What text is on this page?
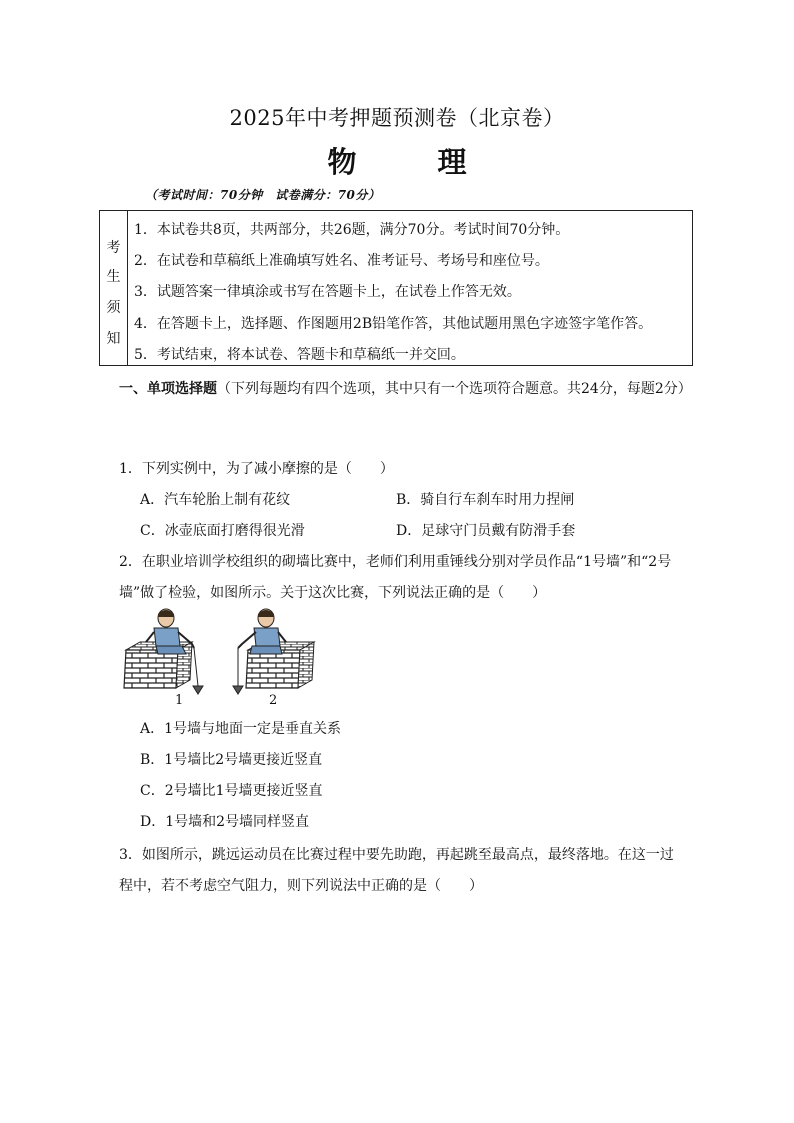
2025年中考押题预测卷（北京卷）
物　理
（考试时间：70分钟　试卷满分：70分）
考
生
须
知
1．本试卷共8页，共两部分，共26题，满分70分。考试时间70分钟。
2．在试卷和草稿纸上准确填写姓名、准考证号、考场号和座位号。
3．试题答案一律填涂或书写在答题卡上，在试卷上作答无效。
4．在答题卡上，选择题、作图题用2B铅笔作答，其他试题用黑色字迹签字笔作答。
5．考试结束，将本试卷、答题卡和草稿纸一并交回。
一、单项选择题（下列每题均有四个选项，其中只有一个选项符合题意。共24分，每题2分）
1．下列实例中，为了减小摩擦的是（　　）
A．汽车轮胎上制有花纹	B．骑自行车刹车时用力捏闸
C．冰壶底面打磨得很光滑	D．足球守门员戴有防滑手套
2．在职业培训学校组织的砌墙比赛中，老师们利用重锤线分别对学员作品“1号墙”和“2号
墙”做了检验，如图所示。关于这次比赛，下列说法正确的是（　　）
1	2
A．1号墙与地面一定是垂直关系
B．1号墙比2号墙更接近竖直
C．2号墙比1号墙更接近竖直
D．1号墙和2号墙同样竖直
3．如图所示，跳远运动员在比赛过程中要先助跑，再起跳至最高点，最终落地。在这一过
程中，若不考虑空气阻力，则下列说法中正确的是（　　）
